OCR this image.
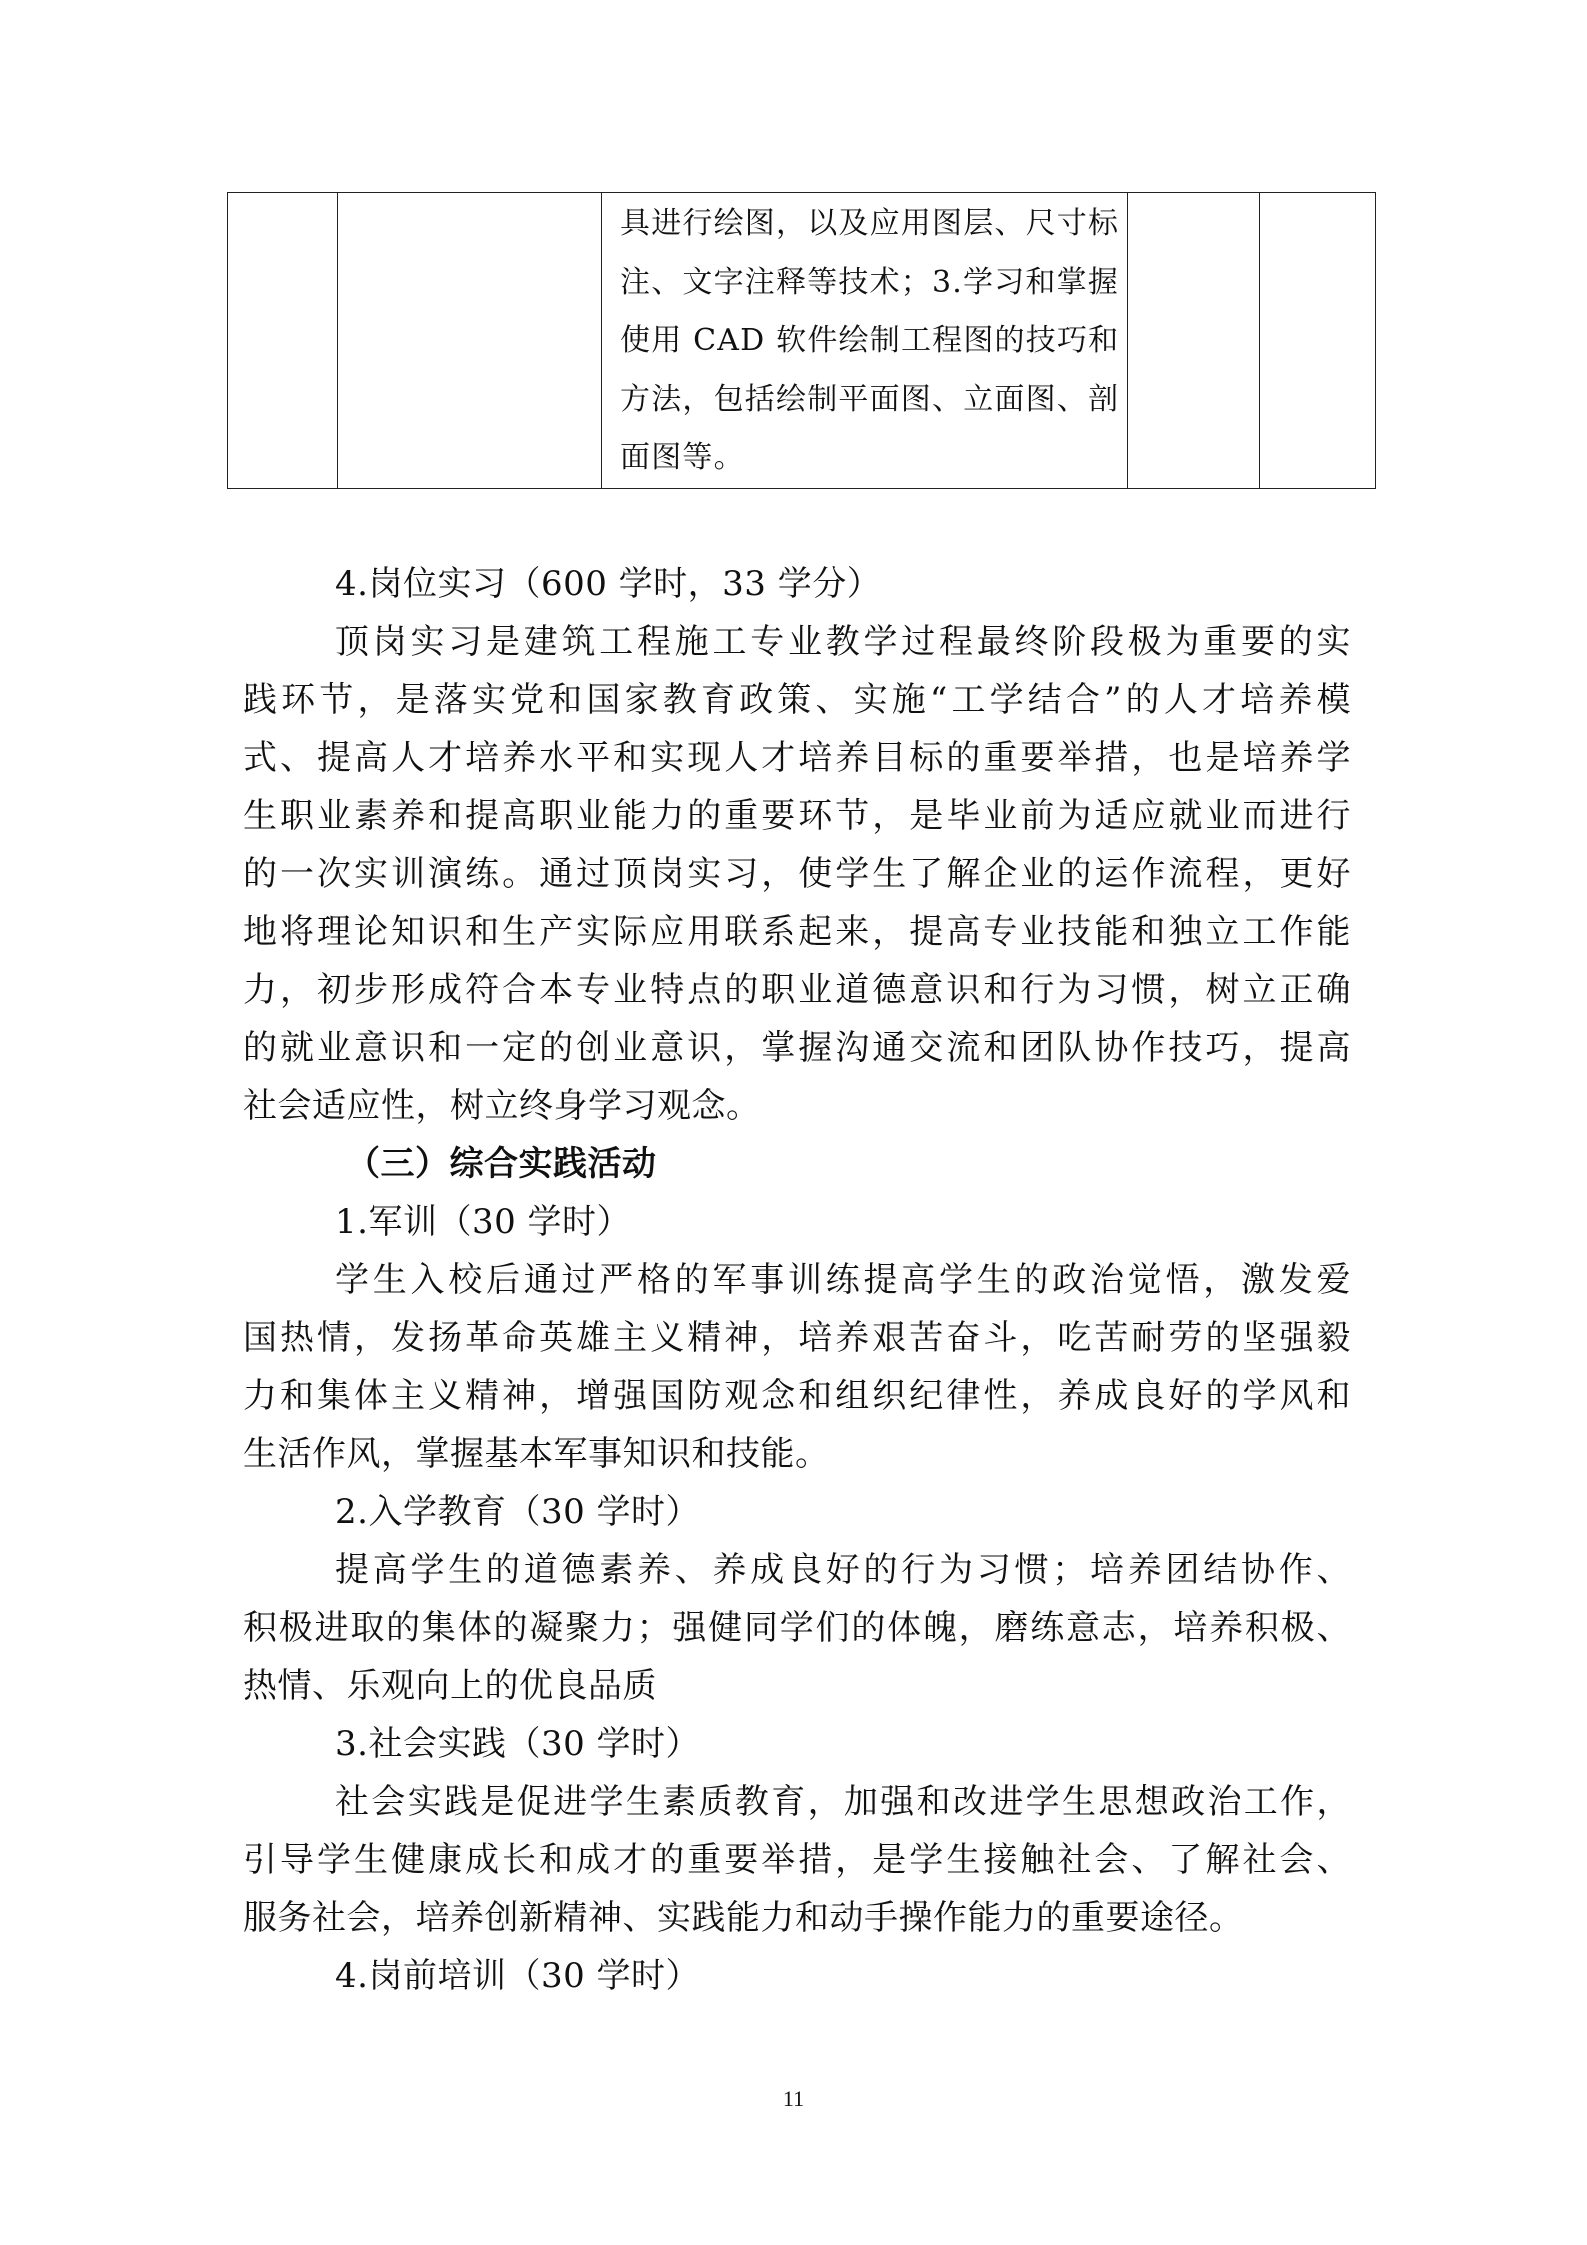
具进行绘图，以及应用图层、尺寸标
注、文字注释等技术；3.学习和掌握
使用 CAD 软件绘制工程图的技巧和
方法，包括绘制平面图、立面图、剖
面图等。

4.岗位实习（600 学时，33 学分）
顶岗实习是建筑工程施工专业教学过程最终阶段极为重要的实
践环节，是落实党和国家教育政策、实施“工学结合”的人才培养模
式、提高人才培养水平和实现人才培养目标的重要举措，也是培养学
生职业素养和提高职业能力的重要环节，是毕业前为适应就业而进行
的一次实训演练。通过顶岗实习，使学生了解企业的运作流程，更好
地将理论知识和生产实际应用联系起来，提高专业技能和独立工作能
力，初步形成符合本专业特点的职业道德意识和行为习惯，树立正确
的就业意识和一定的创业意识，掌握沟通交流和团队协作技巧，提高
社会适应性，树立终身学习观念。
（三）综合实践活动
1.军训（30 学时）
学生入校后通过严格的军事训练提高学生的政治觉悟，激发爱
国热情，发扬革命英雄主义精神，培养艰苦奋斗，吃苦耐劳的坚强毅
力和集体主义精神，增强国防观念和组织纪律性，养成良好的学风和
生活作风，掌握基本军事知识和技能。
2.入学教育（30 学时）
提高学生的道德素养、养成良好的行为习惯；培养团结协作、
积极进取的集体的凝聚力；强健同学们的体魄，磨练意志，培养积极、
热情、乐观向上的优良品质
3.社会实践（30 学时）
社会实践是促进学生素质教育，加强和改进学生思想政治工作，
引导学生健康成长和成才的重要举措，是学生接触社会、了解社会、
服务社会，培养创新精神、实践能力和动手操作能力的重要途径。
4.岗前培训（30 学时）
11
